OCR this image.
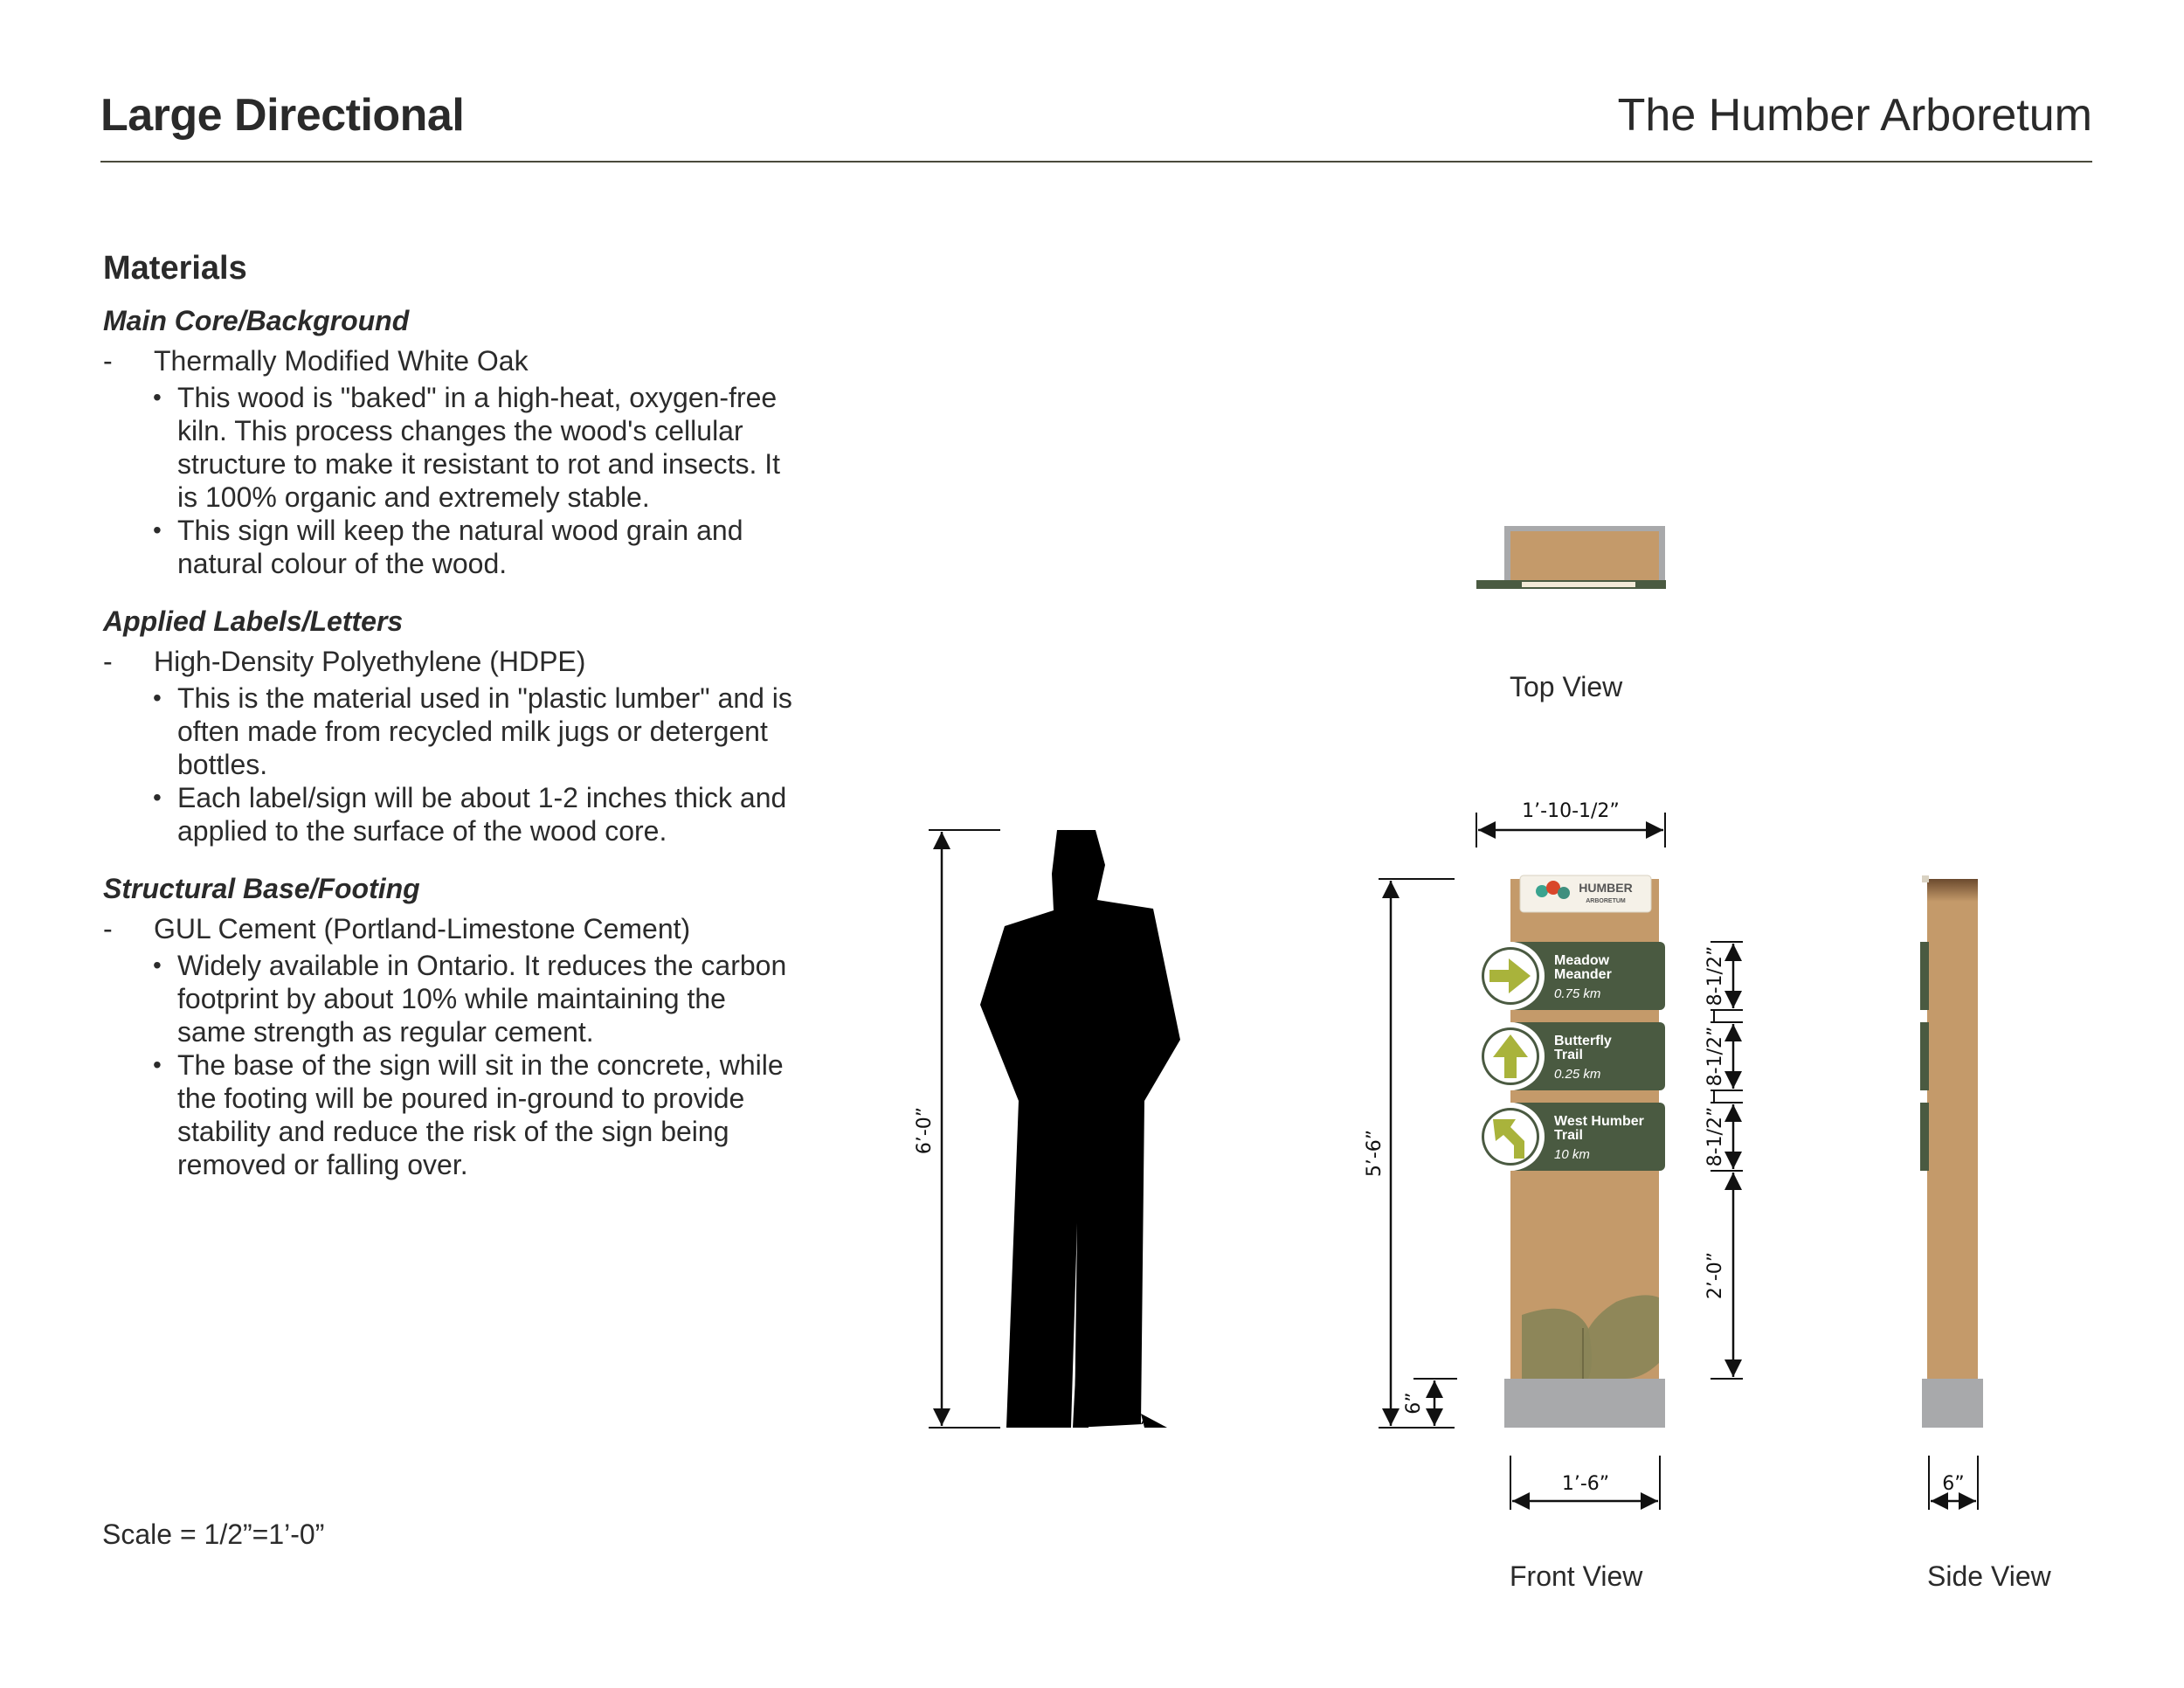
Large Directional	The Humber Arboretum
Materials
Main Core/Background
- Thermally Modified White Oak
• This wood is "baked" in a high-heat, oxygen-free kiln. This process changes the wood's cellular structure to make it resistant to rot and insects. It is 100% organic and extremely stable.
• This sign will keep the natural wood grain and natural colour of the wood.
Applied Labels/Letters
- High-Density Polyethylene (HDPE)
• This is the material used in "plastic lumber" and is often made from recycled milk jugs or detergent bottles.
• Each label/sign will be about 1-2 inches thick and applied to the surface of the wood core.
Structural Base/Footing
- GUL Cement (Portland-Limestone Cement)
• Widely available in Ontario. It reduces the carbon footprint by about 10% while maintaining the same strength as regular cement.
• The base of the sign will sit in the concrete, while the footing will be poured in-ground to provide stability and reduce the risk of the sign being removed or falling over.
Scale = 1/2”=1’-0”
Top View
Front View	Side View
6’-0”
HUMBER
ARBORETUM
Meadow
Meander
0.75 km
Butterfly
Trail
0.25 km
West Humber
Trail
10 km
1’-10-1/2”
5’-6”
6”
1’-6”
8-1/2”
8-1/2”
8-1/2”
2’-0”
6”
